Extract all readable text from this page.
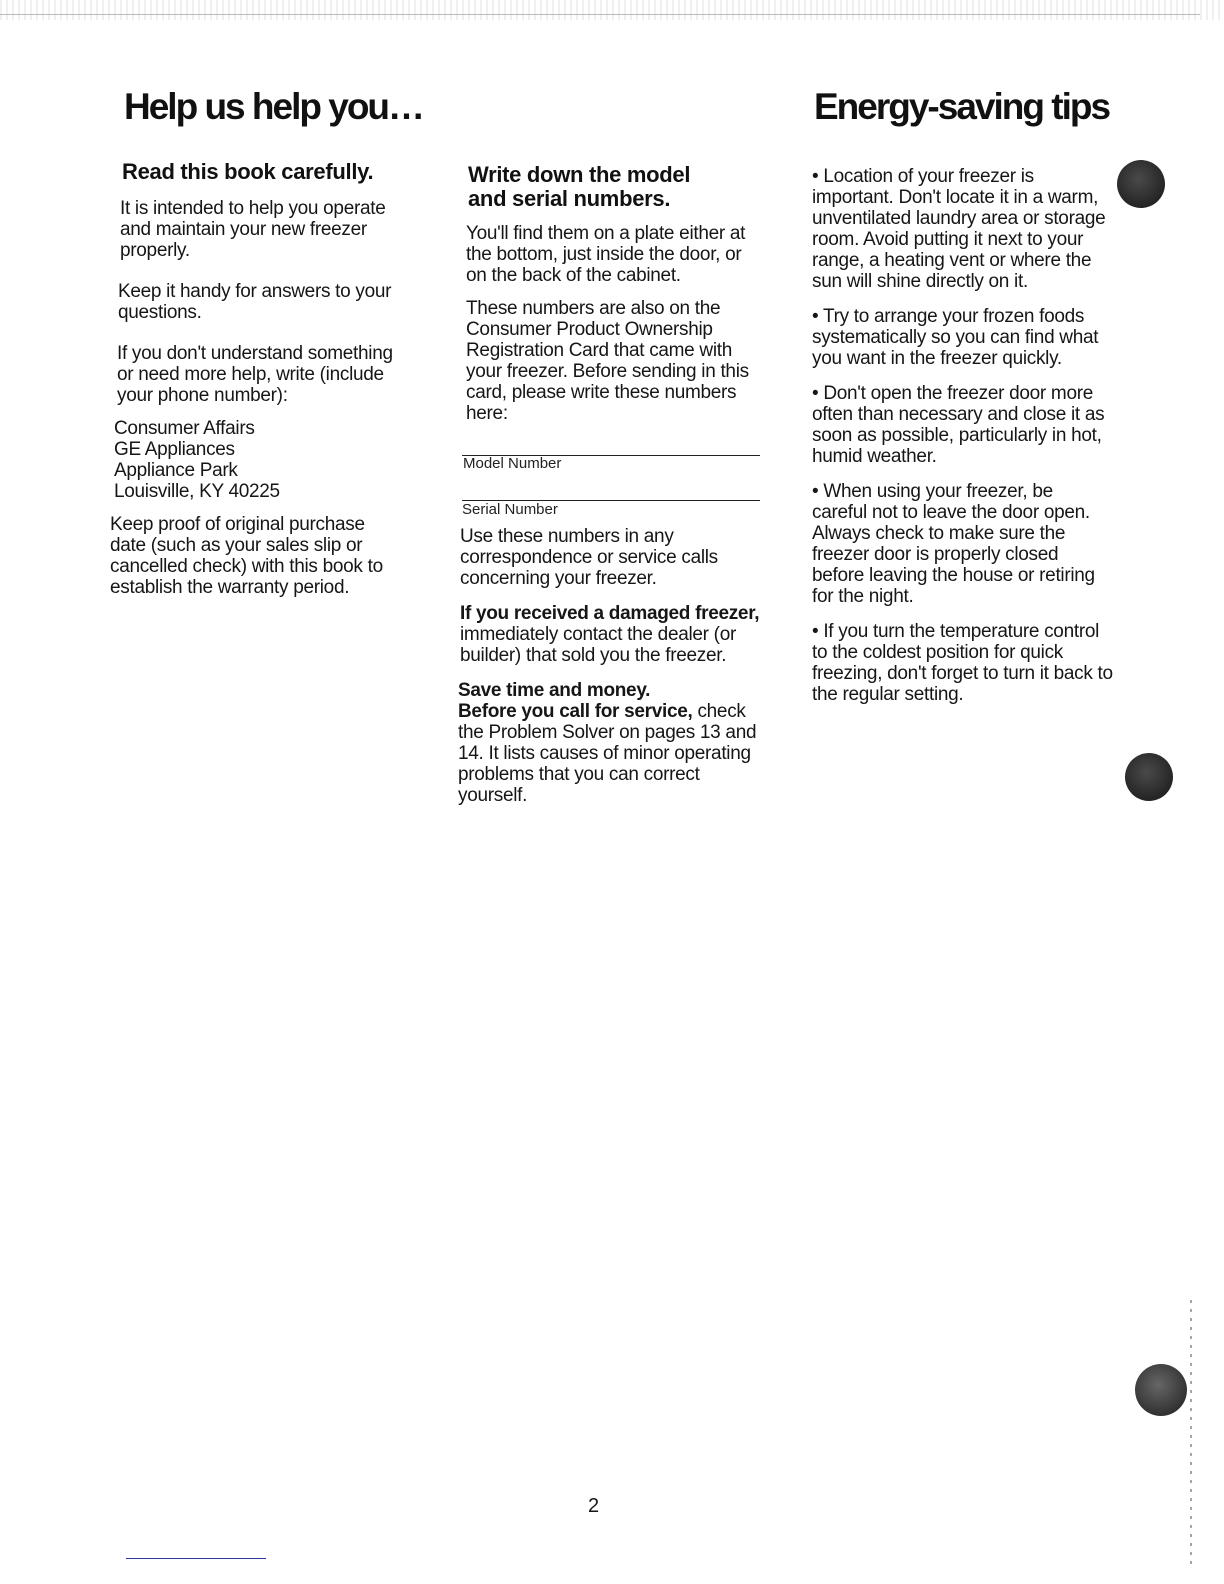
Help us help you…	Energy-saving tips
Read this book carefully.

It is intended to help you operate and maintain your new freezer properly.

Keep it handy for answers to your questions.

If you don't understand something or need more help, write (include your phone number):

Consumer Affairs

GE Appliances

Appliance Park

Louisville, KY 40225

Keep proof of original purchase date (such as your sales slip or cancelled check) with this book to establish the warranty period.

Write down the model
and serial numbers.

You'll find them on a plate either at the bottom, just inside the door, or on the back of the cabinet.

These numbers are also on the Consumer Product Ownership Registration Card that came with your freezer. Before sending in this card, please write these numbers here:

Model Number
Serial Number

Use these numbers in any correspondence or service calls concerning your freezer.

If you received a damaged freezer, immediately contact the dealer (or builder) that sold you the freezer.

Save time and money.
Before you call for service, check the Problem Solver on pages 13 and 14. It lists causes of minor operating problems that you can correct yourself.

• Location of your freezer is important. Don't locate it in a warm, unventilated laundry area or storage room. Avoid putting it next to your range, a heating vent or where the sun will shine directly on it.

• Try to arrange your frozen foods systematically so you can find what you want in the freezer quickly.

• Don't open the freezer door more often than necessary and close it as soon as possible, particularly in hot, humid weather.

• When using your freezer, be careful not to leave the door open. Always check to make sure the freezer door is properly closed before leaving the house or retiring for the night.

• If you turn the temperature control to the coldest position for quick freezing, don't forget to turn it back to the regular setting.

2
